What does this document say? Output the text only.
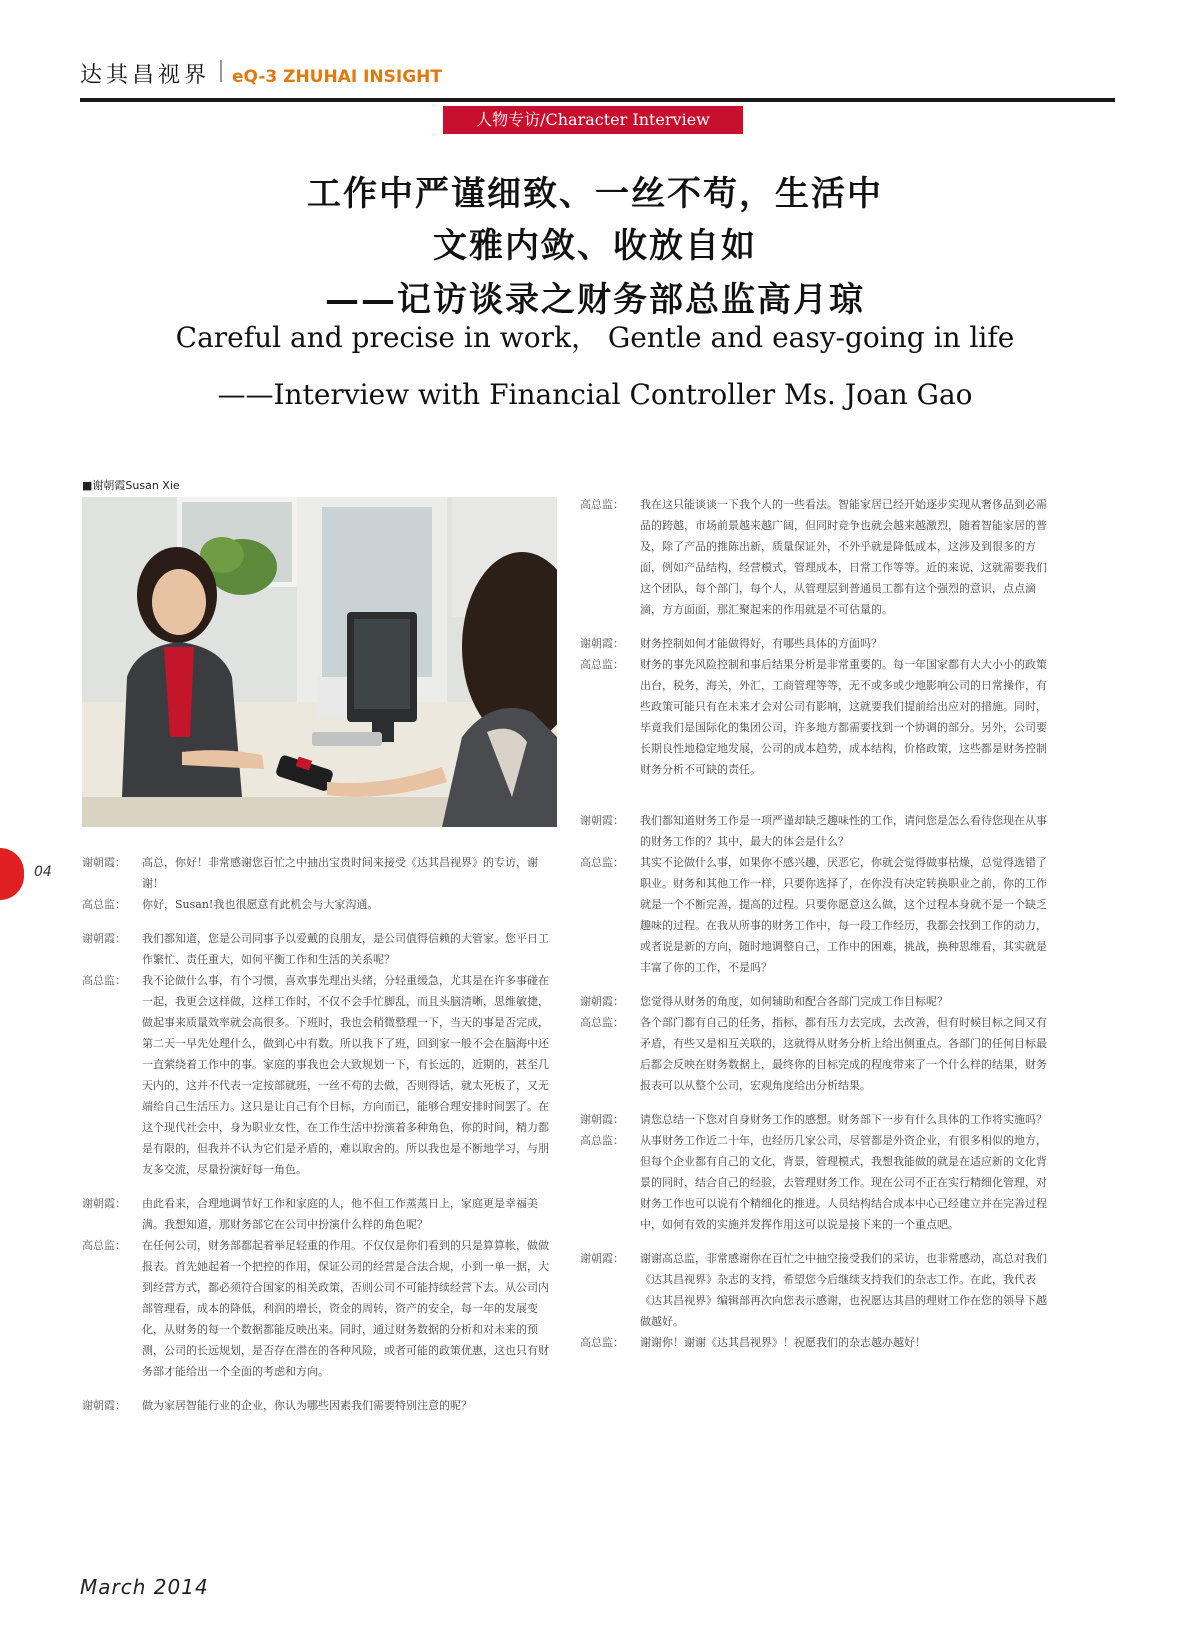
达其昌视界 eQ-3 ZHUHAI INSIGHT
人物专访/Character Interview
工作中严谨细致、一丝不苟，生活中
文雅内敛、收放自如
——记访谈录之财务部总监高月琼
Careful and precise in work， Gentle and easy-going in life
——Interview with Financial Controller Ms. Joan Gao
■谢朝霞Susan Xie
04

谢朝霞： 高总，你好！非常感谢您百忙之中抽出宝贵时间来接受《达其昌视界》的专访，谢谢！

高总监： 你好，Susan!我也很愿意有此机会与大家沟通。

谢朝霞： 我们都知道，您是公司同事予以爱戴的良朋友，是公司值得信赖的大管家。您平日工作繁忙、责任重大，如何平衡工作和生活的关系呢？

高总监： 我不论做什么事，有个习惯，喜欢事先理出头绪，分轻重缓急，尤其是在许多事碰在一起，我更会这样做，这样工作时，不仅不会手忙脚乱，而且头脑清晰，思维敏捷，做起事来质量效率就会高很多。下班时，我也会稍微整理一下，当天的事是否完成，第二天一早先处理什么，做到心中有数。所以我下了班，回到家一般不会在脑海中还一直萦绕着工作中的事。家庭的事我也会大致规划一下，有长远的，近期的，甚至几天内的，这并不代表一定按部就班，一丝不苟的去做，否则得话，就太死板了，又无端给自己生活压力。这只是让自己有个目标，方向而已，能够合理安排时间罢了。在这个现代社会中，身为职业女性，在工作生活中扮演着多种角色，你的时间，精力都是有限的，但我并不认为它们是矛盾的，难以取舍的。所以我也是不断地学习，与朋友多交流，尽量扮演好每一角色。

谢朝霞： 由此看来，合理地调节好工作和家庭的人，他不但工作蒸蒸日上，家庭更是幸福美满。我想知道，那财务部它在公司中扮演什么样的角色呢？

高总监： 在任何公司，财务部都起着举足轻重的作用。不仅仅是你们看到的只是算算帐，做做报表。首先她起着一个把控的作用，保证公司的经营是合法合规，小到一单一据，大到经营方式，都必须符合国家的相关政策，否则公司不可能持续经营下去。从公司内部管理看，成本的降低，利润的增长，资金的周转，资产的安全，每一年的发展变化，从财务的每一个数据都能反映出来。同时，通过财务数据的分析和对未来的预测，公司的长远规划，是否存在潜在的各种风险，或者可能的政策优惠，这也只有财务部才能给出一个全面的考虑和方向。

谢朝霞： 做为家居智能行业的企业，你认为哪些因素我们需要特别注意的呢？

高总监： 我在这只能谈谈一下我个人的一些看法。智能家居已经开始逐步实现从奢侈品到必需品的跨越，市场前景越来越广阔，但同时竞争也就会越来越激烈，随着智能家居的普及，除了产品的推陈出新，质量保证外，不外乎就是降低成本，这涉及到很多的方面，例如产品结构，经营模式，管理成本，日常工作等等。近的来说，这就需要我们这个团队，每个部门，每个人，从管理层到普通员工都有这个强烈的意识，点点滴滴，方方面面，那汇聚起来的作用就是不可估量的。

谢朝霞： 财务控制如何才能做得好，有哪些具体的方面吗？

高总监： 财务的事先风险控制和事后结果分析是非常重要的。每一年国家都有大大小小的政策出台，税务，海关，外汇，工商管理等等，无不或多或少地影响公司的日常操作，有些政策可能只有在未来才会对公司有影响，这就要我们提前给出应对的措施。同时，毕竟我们是国际化的集团公司，许多地方都需要找到一个协调的部分。另外，公司要长期良性地稳定地发展，公司的成本趋势，成本结构，价格政策，这些都是财务控制财务分析不可缺的责任。

谢朝霞： 我们都知道财务工作是一项严谨却缺乏趣味性的工作，请问您是怎么看待您现在从事的财务工作的？其中，最大的体会是什么？

高总监： 其实不论做什么事，如果你不感兴趣，厌恶它，你就会觉得做事枯燥，总觉得选错了职业。财务和其他工作一样，只要你选择了，在你没有决定转换职业之前，你的工作就是一个不断完善，提高的过程。只要你愿意这么做，这个过程本身就不是一个缺乏趣味的过程。在我从所事的财务工作中，每一段工作经历，我都会找到工作的动力，或者说是新的方向，随时地调整自己，工作中的困难，挑战，换种思维看，其实就是丰富了你的工作，不是吗？

谢朝霞： 您觉得从财务的角度，如何辅助和配合各部门完成工作目标呢？

高总监： 各个部门都有自己的任务，指标，都有压力去完成，去改善，但有时候目标之间又有矛盾，有些又是相互关联的，这就得从财务分析上给出侧重点。各部门的任何目标最后都会反映在财务数据上，最终你的目标完成的程度带来了一个什么样的结果，财务报表可以从整个公司，宏观角度给出分析结果。

谢朝霞： 请您总结一下您对自身财务工作的感想。财务部下一步有什么具体的工作将实施吗？

高总监： 从事财务工作近二十年，也经历几家公司，尽管都是外资企业，有很多相似的地方，但每个企业都有自己的文化，背景，管理模式，我想我能做的就是在适应新的文化背景的同时，结合自己的经验，去管理财务工作。现在公司不正在实行精细化管理，对财务工作也可以说有个精细化的推进。人员结构结合成本中心已经建立并在完善过程中，如何有效的实施并发挥作用这可以说是接下来的一个重点吧。

谢朝霞： 谢谢高总监，非常感谢你在百忙之中抽空接受我们的采访，也非常感动，高总对我们《达其昌视界》杂志的支持，希望您今后继续支持我们的杂志工作。在此，我代表《达其昌视界》编辑部再次向您表示感谢，也祝愿达其昌的理财工作在您的领导下越做越好。

高总监： 谢谢你！谢谢《达其昌视界》！祝愿我们的杂志越办越好！

March 2014
